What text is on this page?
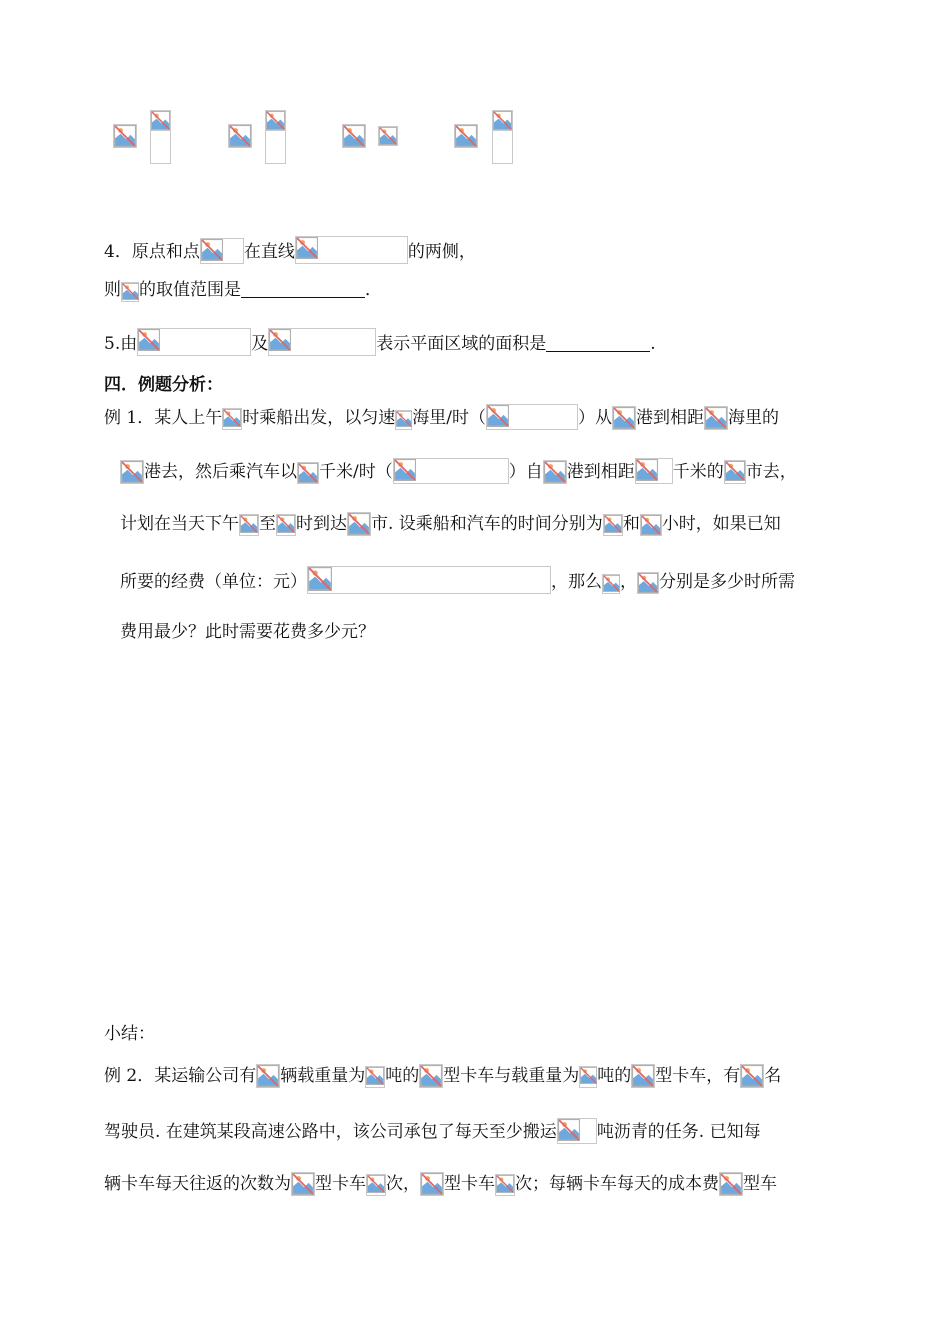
4． 原点和点	在直线	的两侧，
则 的取值范围是	．
5. 由	及	表示平面区域的面积是	.
四．例题分析：
例 1．某人上午 时乘船出发，以匀速 海里/时（	）从 港到相距 海里的
港去，然后乘汽车以 千米/时（	）自 港到相距 千米的 市去，
计划在当天下午 至 时到达 市. 设乘船和汽车的时间分别为 和 小时，如果已知
所要的经费（单位：元）	，那么 ， 分别是多少时所需
费用最少？此时需要花费多少元？
小结：
例 2．某运输公司有 辆载重量为 吨的 型卡车与载重量为 吨的 型卡车，有 名
驾驶员. 在建筑某段高速公路中，该公司承包了每天至少搬运 吨沥青的任务. 已知每
辆卡车每天往返的次数为 型卡车 次， 型卡车 次；每辆卡车每天的成本费 型车
